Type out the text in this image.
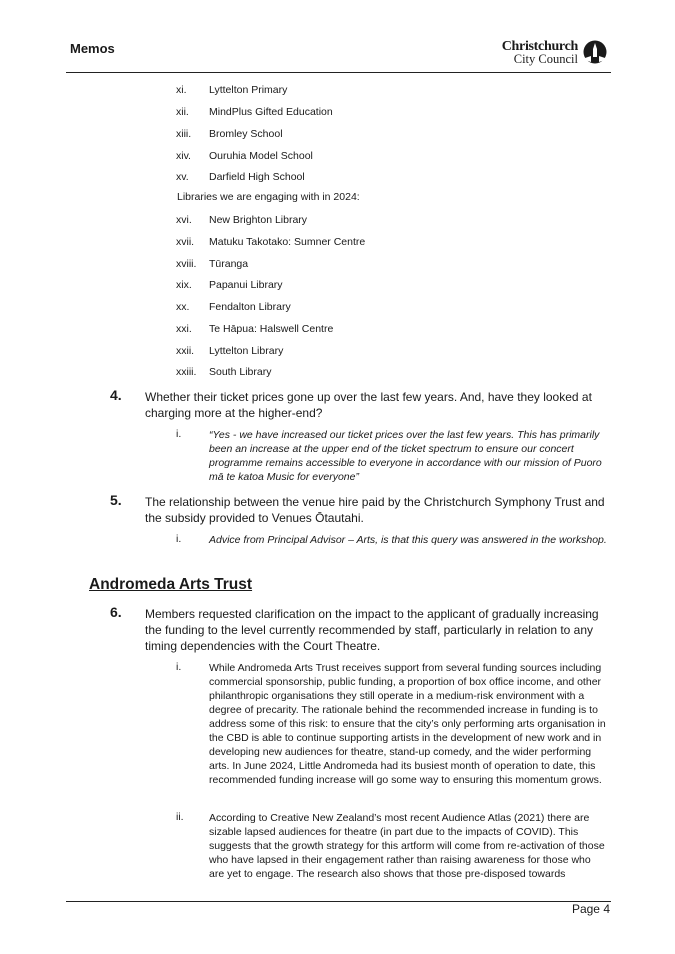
Memos	Christchurch
City Council
xi. Lyttelton Primary
xii. MindPlus Gifted Education
xiii. Bromley School
xiv. Ouruhia Model School
xv. Darfield High School
Libraries we are engaging with in 2024:
xvi. New Brighton Library
xvii. Matuku Takotako: Sumner Centre
xviii. Tūranga
xix. Papanui Library
xx. Fendalton Library
xxi. Te Hāpua: Halswell Centre
xxii. Lyttelton Library
xxiii. South Library
4. Whether their ticket prices gone up over the last few years. And, have they looked at charging more at the higher-end?
i.	“Yes - we have increased our ticket prices over the last few years. This has primarily been an increase at the upper end of the ticket spectrum to ensure our concert programme remains accessible to everyone in accordance with our mission of Puoro mā te katoa Music for everyone”
5. The relationship between the venue hire paid by the Christchurch Symphony Trust and the subsidy provided to Venues Ōtautahi.
i.	Advice from Principal Advisor – Arts, is that this query was answered in the workshop.
Andromeda Arts Trust
6. Members requested clarification on the impact to the applicant of gradually increasing the funding to the level currently recommended by staff, particularly in relation to any timing dependencies with the Court Theatre.
i.	While Andromeda Arts Trust receives support from several funding sources including commercial sponsorship, public funding, a proportion of box office income, and other philanthropic organisations they still operate in a medium-risk environment with a degree of precarity. The rationale behind the recommended increase in funding is to address some of this risk: to ensure that the city’s only performing arts organisation in the CBD is able to continue supporting artists in the development of new work and in developing new audiences for theatre, stand-up comedy, and the wider performing arts. In June 2024, Little Andromeda had its busiest month of operation to date, this recommended funding increase will go some way to ensuring this momentum grows.
ii. According to Creative New Zealand’s most recent Audience Atlas (2021) there are sizable lapsed audiences for theatre (in part due to the impacts of COVID). This suggests that the growth strategy for this artform will come from re-activation of those who have lapsed in their engagement rather than raising awareness for those who are yet to engage. The research also shows that those pre-disposed towards
Page 4
